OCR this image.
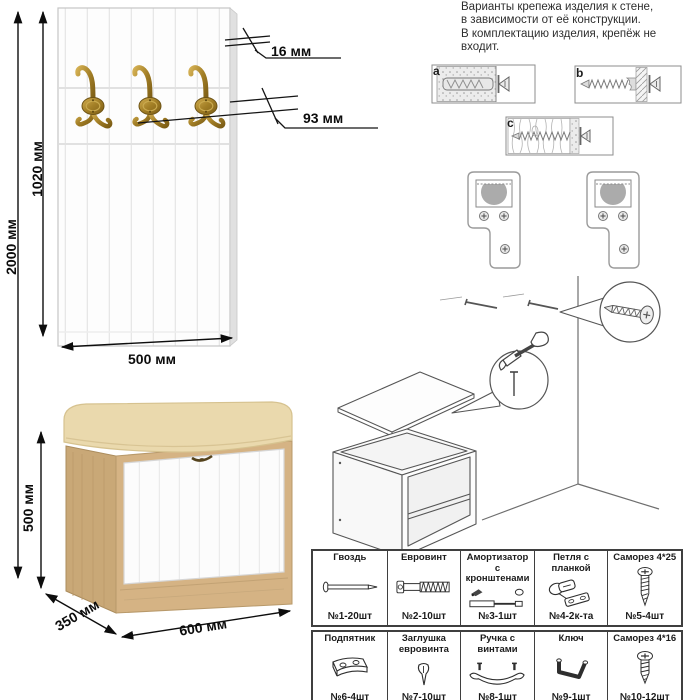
Варианты крепежа изделия к стене,
в зависимости от её конструкции.
В комплектацию изделия, крепёж не
входит.
a	b
c
16 мм
93 мм
500 мм
2000 мм
1020 мм
500 мм
350 мм	600 мм
Гвоздь
№1-20шт
Евровинт
№2-10шт
Амортизатор с кронштенами
№3-1шт
Петля с планкой
№4-2к-та
Саморез 4*25
№5-4шт
Подпятник
№6-4шт
Заглушка евровинта
№7-10шт
Ручка с винтами
№8-1шт
Ключ
№9-1шт
Саморез 4*16
№10-12шт
